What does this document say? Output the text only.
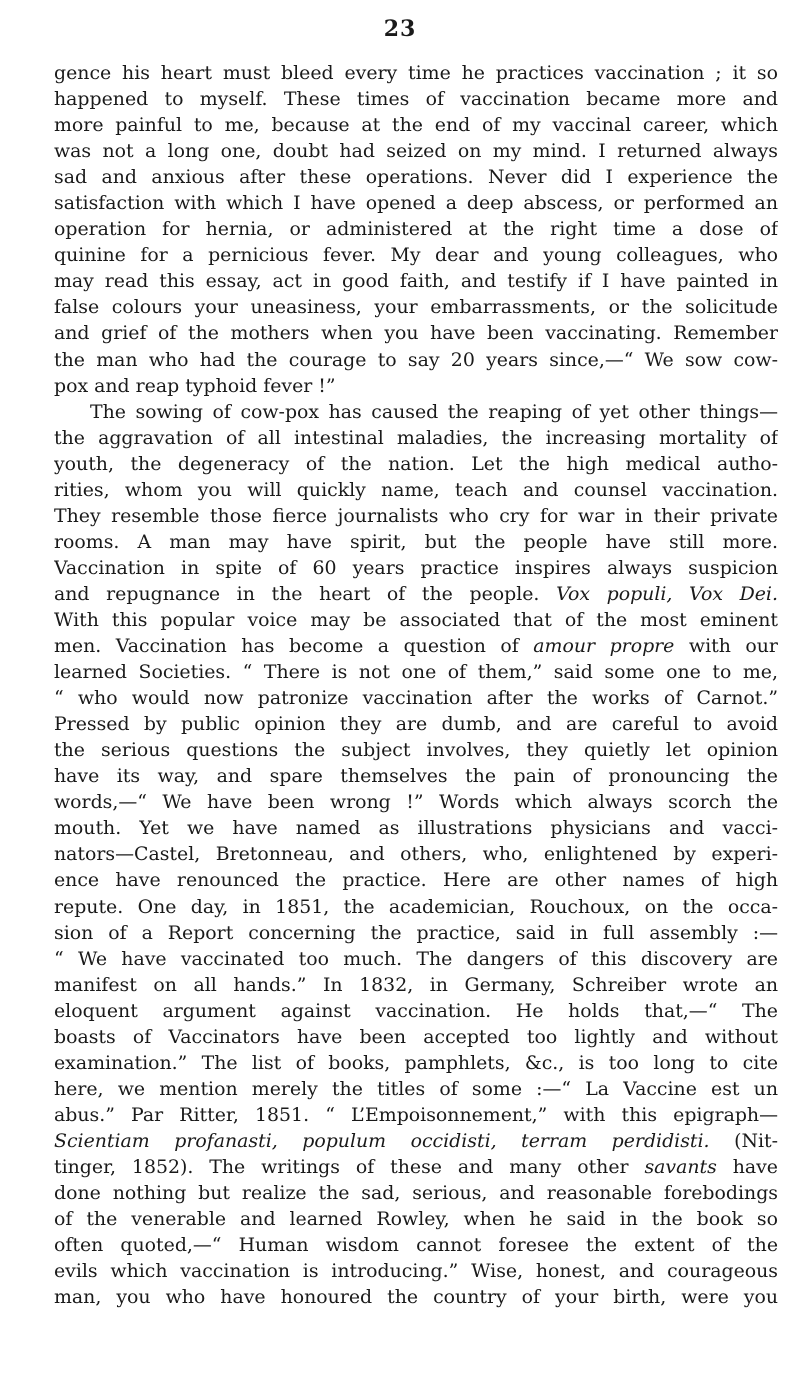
23
gence his heart must bleed every time he practices vaccination ; it so
happened to myself. These times of vaccination became more and
more painful to me, because at the end of my vaccinal career, which
was not a long one, doubt had seized on my mind. I returned always
sad and anxious after these operations. Never did I experience the
satisfaction with which I have opened a deep abscess, or performed an
operation for hernia, or administered at the right time a dose of
quinine for a pernicious fever. My dear and young colleagues, who
may read this essay, act in good faith, and testify if I have painted in
false colours your uneasiness, your embarrassments, or the solicitude
and grief of the mothers when you have been vaccinating. Remember
the man who had the courage to say 20 years since,—“ We sow cow-
pox and reap typhoid fever !”
The sowing of cow-pox has caused the reaping of yet other things—
the aggravation of all intestinal maladies, the increasing mortality of
youth, the degeneracy of the nation. Let the high medical autho-
rities, whom you will quickly name, teach and counsel vaccination.
They resemble those fierce journalists who cry for war in their private
rooms. A man may have spirit, but the people have still more.
Vaccination in spite of 60 years practice inspires always suspicion
and repugnance in the heart of the people. Vox populi, Vox Dei.
With this popular voice may be associated that of the most eminent
men. Vaccination has become a question of amour propre with our
learned Societies. “ There is not one of them,” said some one to me,
“ who would now patronize vaccination after the works of Carnot.”
Pressed by public opinion they are dumb, and are careful to avoid
the serious questions the subject involves, they quietly let opinion
have its way, and spare themselves the pain of pronouncing the
words,—“ We have been wrong !” Words which always scorch the
mouth. Yet we have named as illustrations physicians and vacci-
nators—Castel, Bretonneau, and others, who, enlightened by experi-
ence have renounced the practice. Here are other names of high
repute. One day, in 1851, the academician, Rouchoux, on the occa-
sion of a Report concerning the practice, said in full assembly :—
“ We have vaccinated too much. The dangers of this discovery are
manifest on all hands.” In 1832, in Germany, Schreiber wrote an
eloquent argument against vaccination. He holds that,—“ The
boasts of Vaccinators have been accepted too lightly and without
examination.” The list of books, pamphlets, &c., is too long to cite
here, we mention merely the titles of some :—“ La Vaccine est un
abus.” Par Ritter, 1851. “ L’Empoisonnement,” with this epigraph—
Scientiam profanasti, populum occidisti, terram perdidisti. (Nit-
tinger, 1852). The writings of these and many other savants have
done nothing but realize the sad, serious, and reasonable forebodings
of the venerable and learned Rowley, when he said in the book so
often quoted,—“ Human wisdom cannot foresee the extent of the
evils which vaccination is introducing.” Wise, honest, and courageous
man, you who have honoured the country of your birth, were you
